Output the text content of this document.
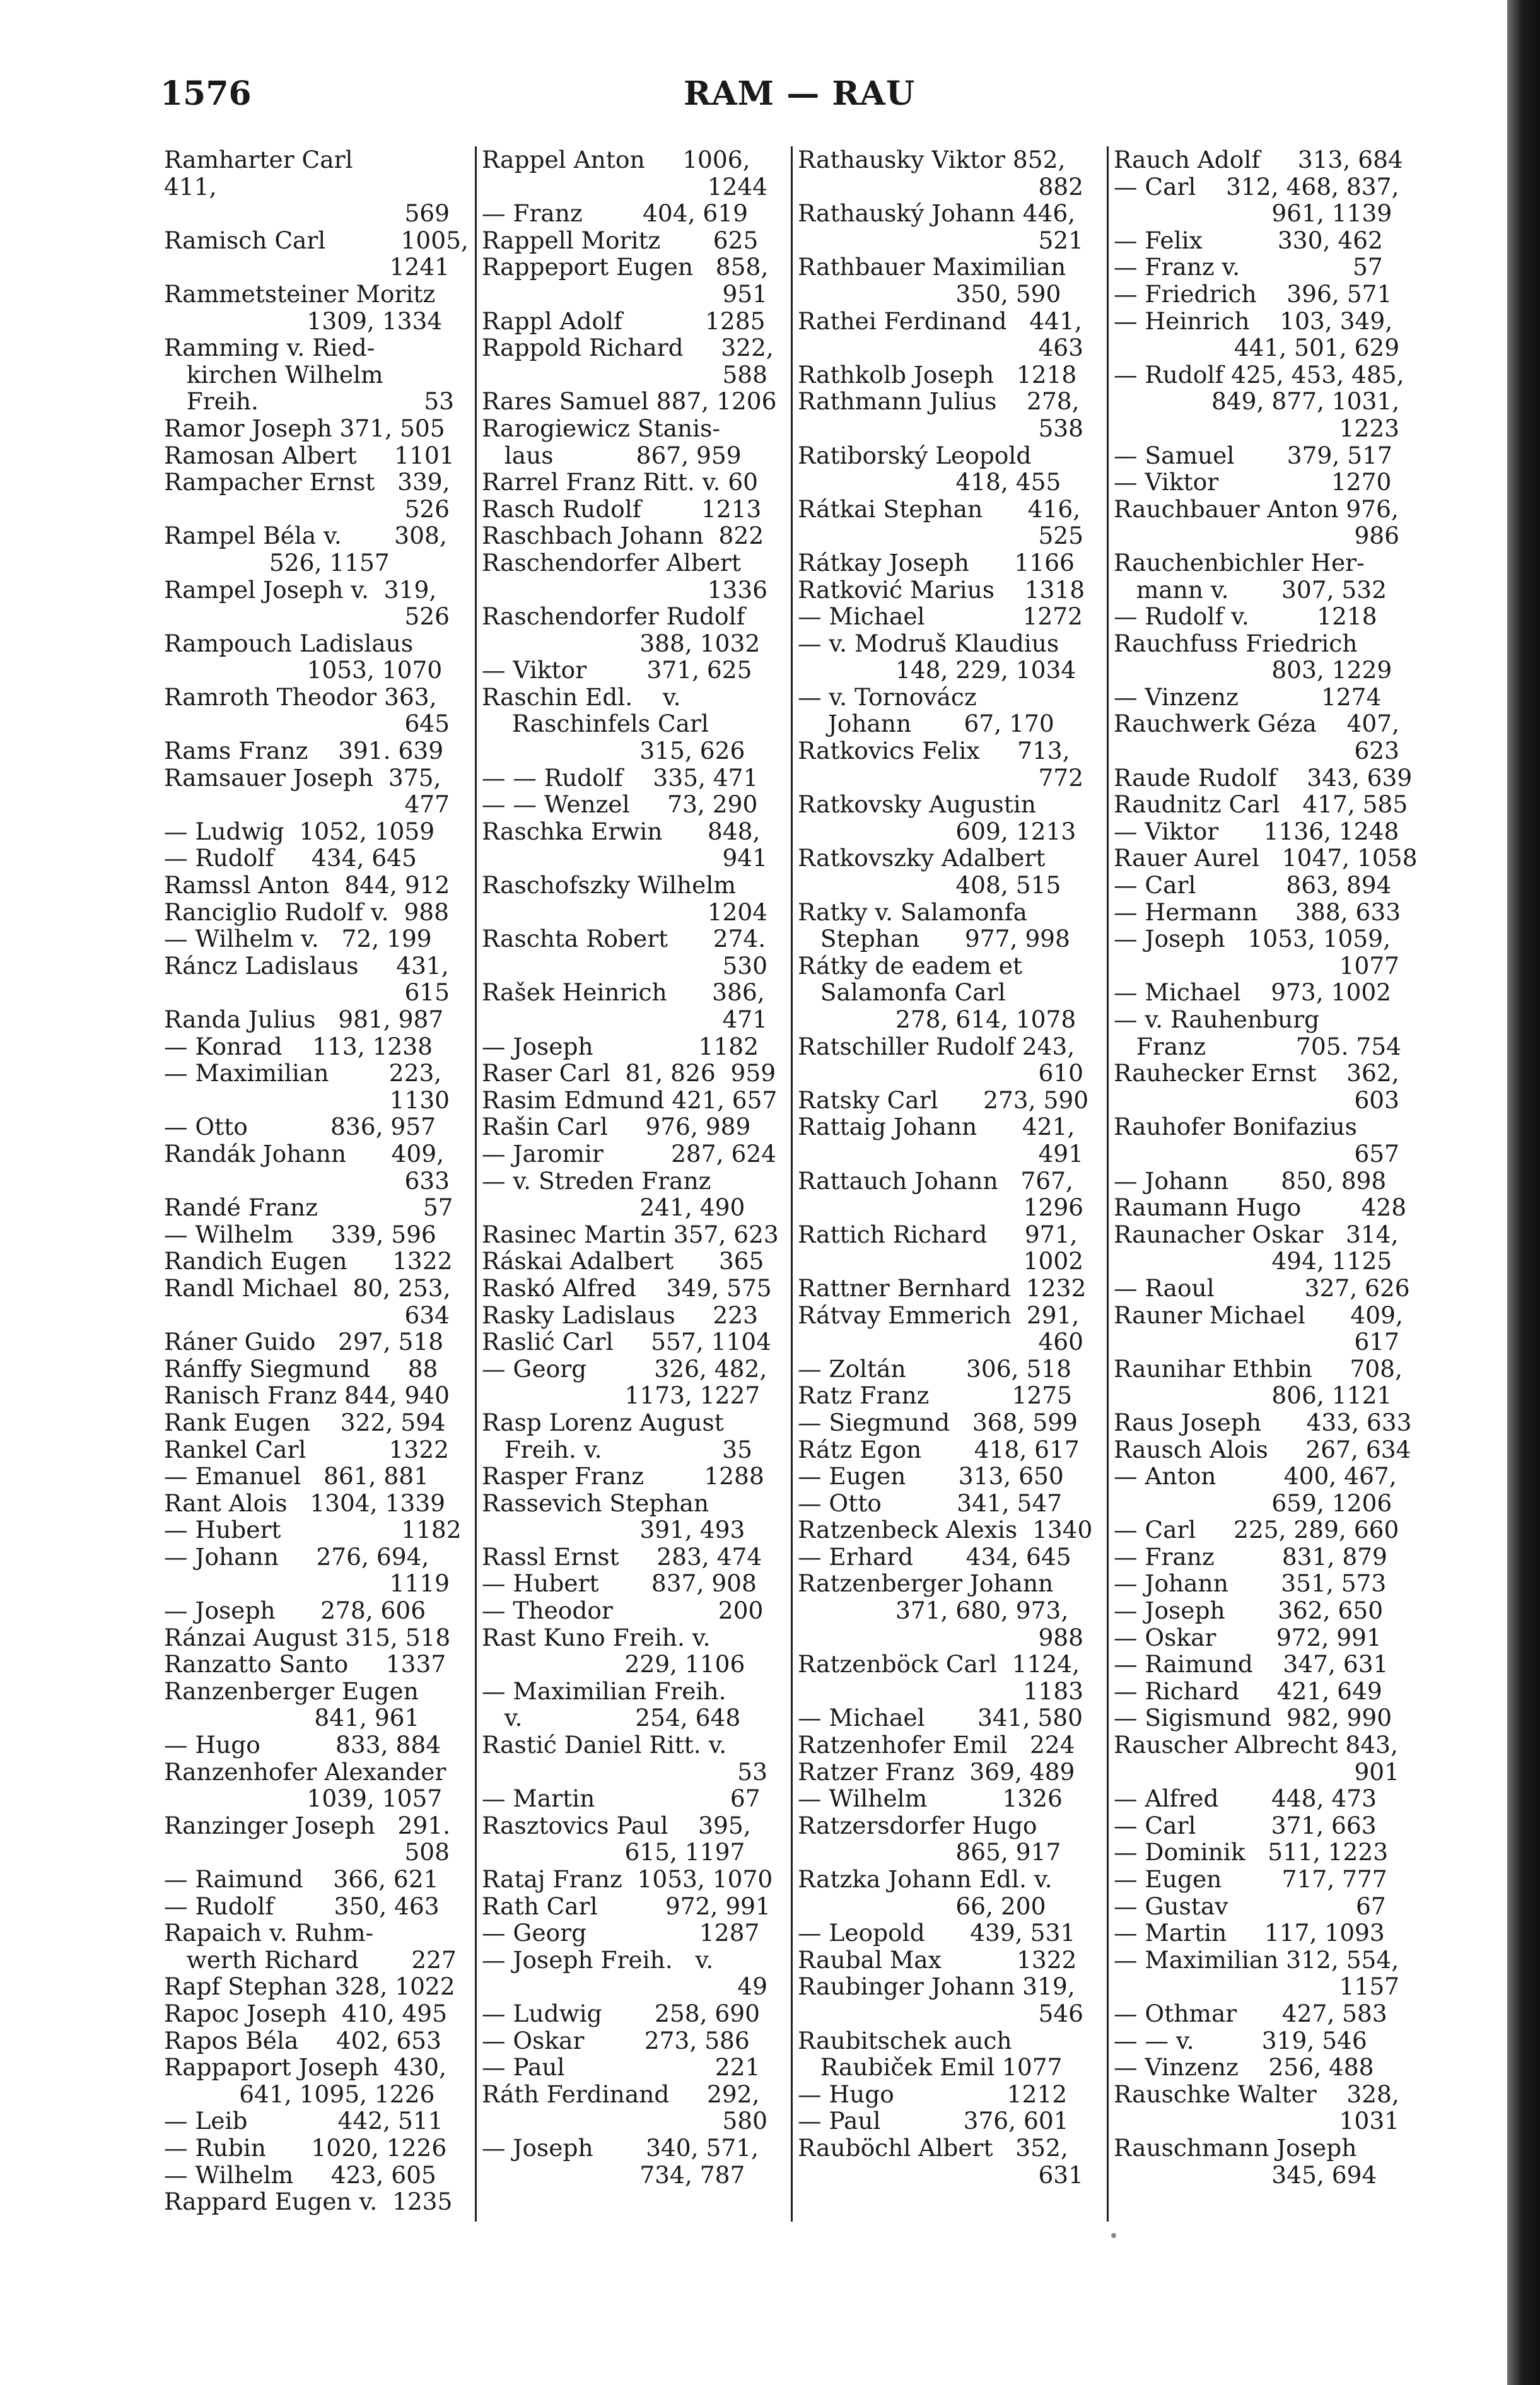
1576	RAM — RAU
Ramharter Carl         411,
569
Ramisch Carl          1005,
1241
Rammetsteiner Moritz
1309, 1334
Ramming v. Ried-
kirchen Wilhelm
Freih.                      53
Ramor Joseph 371, 505
Ramosan Albert     1101
Rampacher Ernst   339,
526
Rampel Béla v.       308,
526, 1157
Rampel Joseph v.  319,
526
Rampouch Ladislaus
1053, 1070
Ramroth Theodor 363,
645
Rams Franz    391. 639
Ramsauer Joseph  375,
477
— Ludwig  1052, 1059
— Rudolf     434, 645
Ramssl Anton  844, 912
Ranciglio Rudolf v.  988
— Wilhelm v.   72, 199
Ráncz Ladislaus     431,
615
Randa Julius   981, 987
— Konrad    113, 1238
— Maximilian        223,
1130
— Otto           836, 957
Randák Johann      409,
633
Randé Franz              57
— Wilhelm     339, 596
Randich Eugen      1322
Randl Michael  80, 253,
634
Ráner Guido   297, 518
Ránffy Siegmund     88
Ranisch Franz 844, 940
Rank Eugen    322, 594
Rankel Carl           1322
— Emanuel   861, 881
Rant Alois   1304, 1339
— Hubert                1182
— Johann     276, 694,
1119
— Joseph      278, 606
Ránzai August 315, 518
Ranzatto Santo     1337
Ranzenberger Eugen
841, 961
— Hugo          833, 884
Ranzenhofer Alexander
1039, 1057
Ranzinger Joseph   291.
508
— Raimund    366, 621
— Rudolf        350, 463
Rapaich v. Ruhm-
werth Richard       227
Rapf Stephan 328, 1022
Rapoc Joseph  410, 495
Rapos Béla     402, 653
Rappaport Joseph  430,
641, 1095, 1226
— Leib            442, 511
— Rubin      1020, 1226
— Wilhelm     423, 605
Rappard Eugen v.  1235
Rappel Anton     1006,
1244
— Franz        404, 619
Rappell Moritz       625
Rappeport Eugen   858,
951
Rappl Adolf           1285
Rappold Richard     322,
588
Rares Samuel 887, 1206
Rarogiewicz Stanis-
laus           867, 959
Rarrel Franz Ritt. v. 60
Rasch Rudolf        1213
Raschbach Johann  822
Raschendorfer Albert
1336
Raschendorfer Rudolf
388, 1032
— Viktor        371, 625
Raschin Edl.    v.
Raschinfels Carl
315, 626
— — Rudolf    335, 471
— — Wenzel     73, 290
Raschka Erwin      848,
941
Raschofszky Wilhelm
1204
Raschta Robert      274.
530
Rašek Heinrich      386,
471
— Joseph              1182
Raser Carl  81, 826  959
Rasim Edmund 421, 657
Rašin Carl     976, 989
— Jaromir         287, 624
— v. Streden Franz
241, 490
Rasinec Martin 357, 623
Ráskai Adalbert      365
Raskó Alfred    349, 575
Rasky Ladislaus     223
Raslić Carl     557, 1104
— Georg         326, 482,
1173, 1227
Rasp Lorenz August
Freih. v.                35
Rasper Franz        1288
Rassevich Stephan
391, 493
Rassl Ernst     283, 474
— Hubert       837, 908
— Theodor              200
Rast Kuno Freih. v.
229, 1106
— Maximilian Freih.
v.               254, 648
Rastić Daniel Ritt. v.
53
— Martin                  67
Rasztovics Paul    395,
615, 1197
Rataj Franz  1053, 1070
Rath Carl         972, 991
— Georg               1287
— Joseph Freih.   v.
49
— Ludwig       258, 690
— Oskar        273, 586
— Paul                    221
Ráth Ferdinand     292,
580
— Joseph       340, 571,
734, 787
Rathausky Viktor 852,
882
Rathauský Johann 446,
521
Rathbauer Maximilian
350, 590
Rathei Ferdinand   441,
463
Rathkolb Joseph   1218
Rathmann Julius    278,
538
Ratiborský Leopold
418, 455
Rátkai Stephan      416,
525
Rátkay Joseph      1166
Ratković Marius    1318
— Michael             1272
— v. Modruš Klaudius
148, 229, 1034
— v. Tornovácz
Johann       67, 170
Ratkovics Felix     713,
772
Ratkovsky Augustin
609, 1213
Ratkovszky Adalbert
408, 515
Ratky v. Salamonfa
Stephan      977, 998
Rátky de eadem et
Salamonfa Carl
278, 614, 1078
Ratschiller Rudolf 243,
610
Ratsky Carl      273, 590
Rattaig Johann      421,
491
Rattauch Johann   767,
1296
Rattich Richard     971,
1002
Rattner Bernhard  1232
Rátvay Emmerich  291,
460
— Zoltán        306, 518
Ratz Franz           1275
— Siegmund   368, 599
Rátz Egon       418, 617
— Eugen       313, 650
— Otto          341, 547
Ratzenbeck Alexis  1340
— Erhard       434, 645
Ratzenberger Johann
371, 680, 973,
988
Ratzenböck Carl  1124,
1183
— Michael       341, 580
Ratzenhofer Emil   224
Ratzer Franz  369, 489
— Wilhelm          1326
Ratzersdorfer Hugo
865, 917
Ratzka Johann Edl. v.
66, 200
— Leopold      439, 531
Raubal Max          1322
Raubinger Johann 319,
546
Raubitschek auch
Raubiček Emil 1077
— Hugo               1212
— Paul           376, 601
Rauböchl Albert   352,
631
Rauch Adolf     313, 684
— Carl    312, 468, 837,
961, 1139
— Felix          330, 462
— Franz v.               57
— Friedrich    396, 571
— Heinrich    103, 349,
441, 501, 629
— Rudolf 425, 453, 485,
849, 877, 1031,
1223
— Samuel       379, 517
— Viktor               1270
Rauchbauer Anton 976,
986
Rauchenbichler Her-
mann v.       307, 532
— Rudolf v.         1218
Rauchfuss Friedrich
803, 1229
— Vinzenz           1274
Rauchwerk Géza    407,
623
Raude Rudolf    343, 639
Raudnitz Carl   417, 585
— Viktor      1136, 1248
Rauer Aurel   1047, 1058
— Carl            863, 894
— Hermann     388, 633
— Joseph   1053, 1059,
1077
— Michael    973, 1002
— v. Rauhenburg
Franz            705. 754
Rauhecker Ernst    362,
603
Rauhofer Bonifazius
657
— Johann       850, 898
Raumann Hugo        428
Raunacher Oskar   314,
494, 1125
— Raoul            327, 626
Rauner Michael      409,
617
Raunihar Ethbin     708,
806, 1121
Raus Joseph      433, 633
Rausch Alois     267, 634
— Anton         400, 467,
659, 1206
— Carl     225, 289, 660
— Franz         831, 879
— Johann       351, 573
— Joseph       362, 650
— Oskar        972, 991
— Raimund    347, 631
— Richard     421, 649
— Sigismund  982, 990
Rauscher Albrecht 843,
901
— Alfred       448, 473
— Carl          371, 663
— Dominik   511, 1223
— Eugen        717, 777
— Gustav                 67
— Martin     117, 1093
— Maximilian 312, 554,
1157
— Othmar      427, 583
— — v.         319, 546
— Vinzenz    256, 488
Rauschke Walter    328,
1031
Rauschmann Joseph
345, 694
